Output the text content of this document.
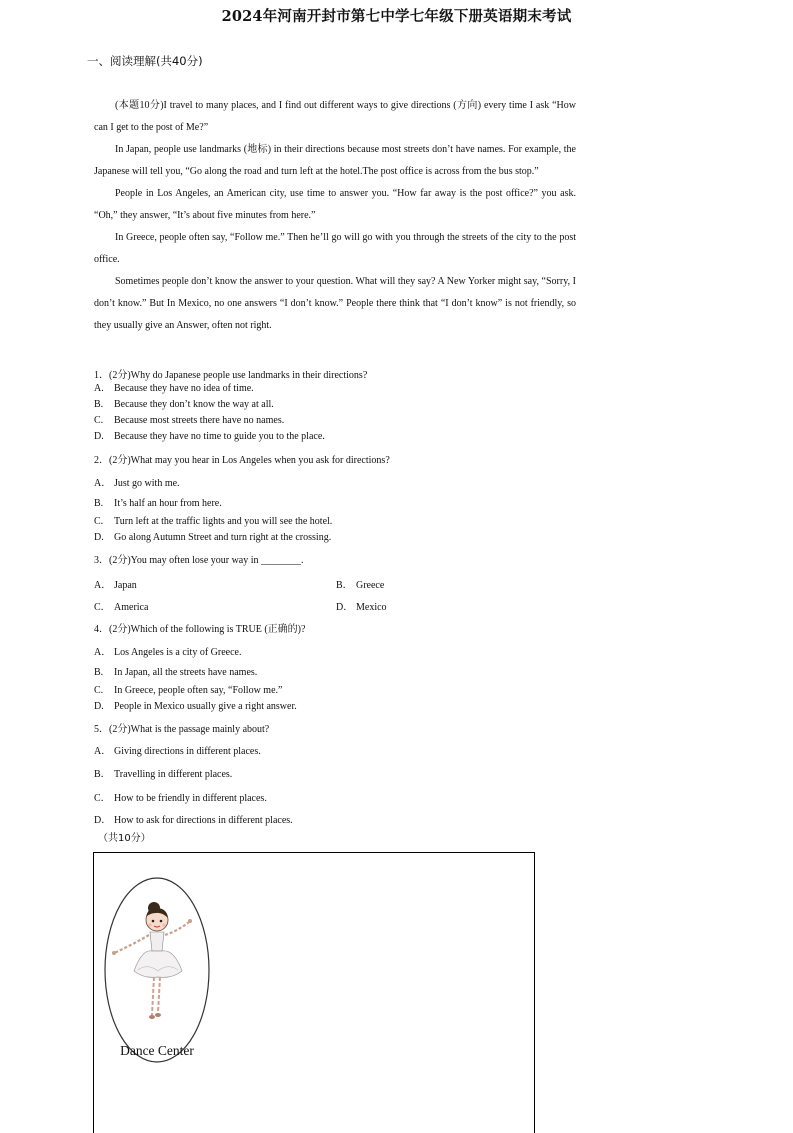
2024年河南开封市第七中学七年级下册英语期末考试
一、阅读理解(共40分)

(本题10分)I travel to many places, and I find out different ways to give directions (方向) every time I ask “How can I get to the post of Me?”

In Japan, people use landmarks (地标) in their directions because most streets don’t have names. For example, the Japanese will tell you, “Go along the road and turn left at the hotel.The post office is across from the bus stop.”

People in Los Angeles, an American city, use time to answer you. “How far away is the post office?” you ask. “Oh,” they answer, “It’s about five minutes from here.”

In Greece, people often say, “Follow me.” Then he’ll go will go with you through the streets of the city to the post office.

Sometimes people don’t know the answer to your question. What will they say? A New Yorker might say, “Sorry, I don’t know.” But In Mexico, no one answers “I don’t know.” People there think that “I don’t know” is not friendly, so they usually give an Answer, often not right.

1．(2分)Why do Japanese people use landmarks in their directions?
A. Because they have no idea of time.
B. Because they don’t know the way at all.
C. Because most streets there have no names.
D. Because they have no time to guide you to the place.
2．(2分)What may you hear in Los Angeles when you ask for directions?
A． Just go with me.
B. It’s half an hour from here.
C. Turn left at the traffic lights and you will see the hotel.
D. Go along Autumn Street and turn right at the crossing.
3．(2分)You may often lose your way in ________.
A． Japan	B． Greece
C． America	D． Mexico
4．(2分)Which of the following is TRUE (正确的)?
A． Los Angeles is a city of Greece.
B. In Japan, all the streets have names.
C. In Greece, people often say, “Follow me.”
D. People in Mexico usually give a right answer.
5．(2分)What is the passage mainly about?
A． Giving directions in different places.
B． Travelling in different places.
C． How to be friendly in different places.
D． How to ask for directions in different places.
（共10分）
Dance Center
